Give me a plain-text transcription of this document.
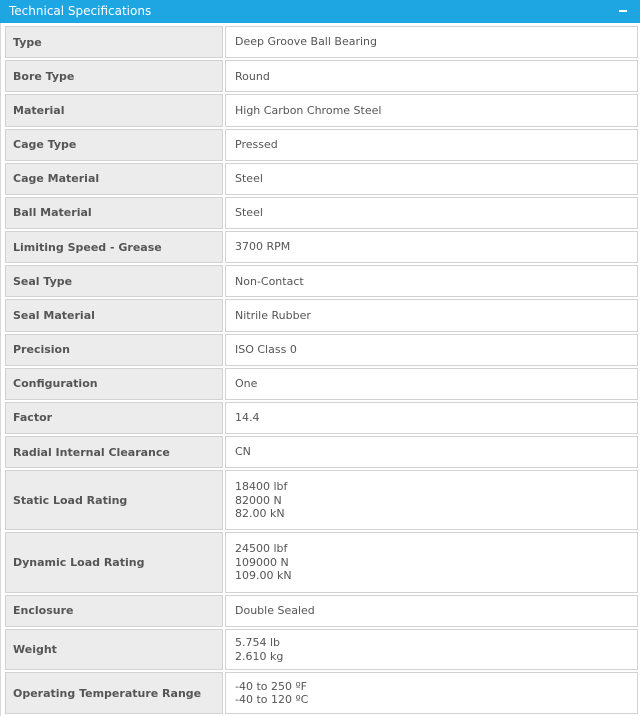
Technical Specifications
Type	Deep Groove Ball Bearing

Bore Type	Round

Material	High Carbon Chrome Steel

Cage Type	Pressed

Cage Material	Steel

Ball Material	Steel

Limiting Speed - Grease	3700 RPM

Seal Type	Non-Contact

Seal Material	Nitrile Rubber

Precision	ISO Class 0

Configuration	One

Factor	14.4

Radial Internal Clearance	CN

Static Load Rating	18400 lbf
82000 N
82.00 kN

Dynamic Load Rating	24500 lbf
109000 N
109.00 kN

Enclosure	Double Sealed

Weight	5.754 lb
2.610 kg

Operating Temperature Range	-40 to 250 ºF
-40 to 120 ºC
